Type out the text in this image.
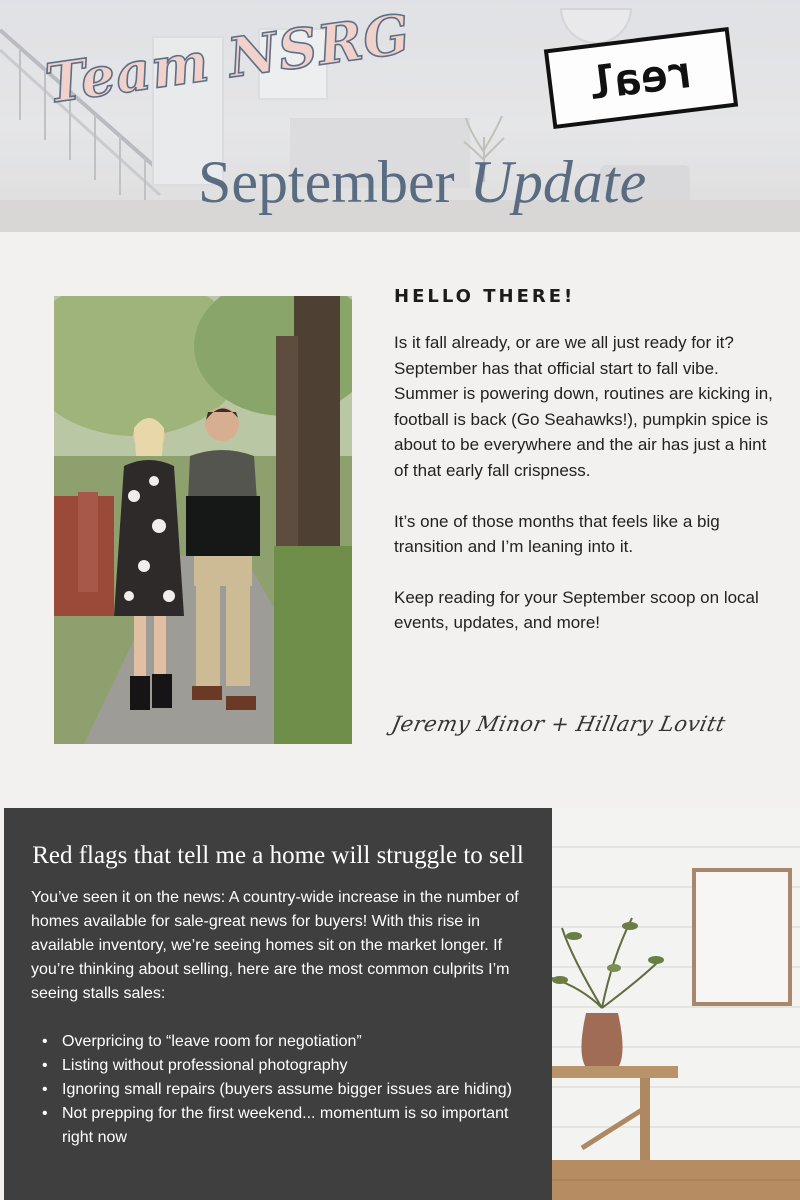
Team NSRG
September Update
real
HELLO THERE!

Is it fall already, or are we all just ready for it? September has that official start to fall vibe. Summer is powering down, routines are kicking in, football is back (Go Seahawks!), pumpkin spice is about to be everywhere and the air has just a hint of that early fall crispness.

It’s one of those months that feels like a big transition and I’m leaning into it.

Keep reading for your September scoop on local events, updates, and more!

Jeremy Minor + Hillary Lovitt
Red flags that tell me a home will struggle to sell
You’ve seen it on the news: A country-wide increase in the number of homes available for sale-great news for buyers! With this rise in available inventory, we’re seeing homes sit on the market longer. If you’re thinking about selling, here are the most common culprits I’m seeing stalls sales:
• Overpricing to “leave room for negotiation”
• Listing without professional photography
• Ignoring small repairs (buyers assume bigger issues are hiding)
• Not prepping for the first weekend... momentum is so important right now
